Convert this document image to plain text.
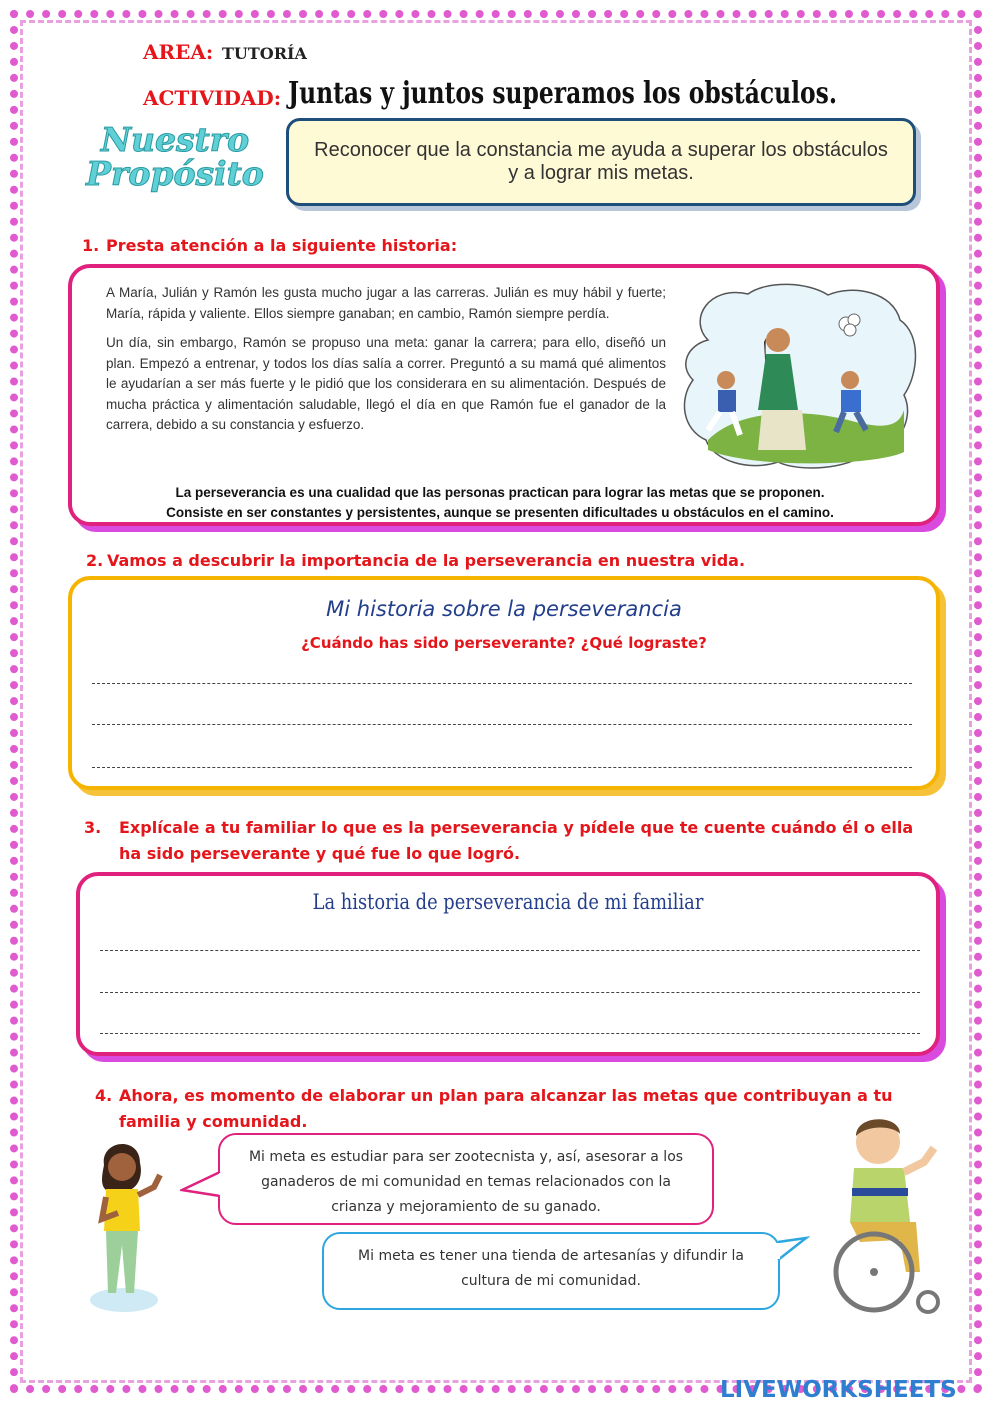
AREA: TUTORÍA
ACTIVIDAD: Juntas y juntos superamos los obstáculos.
Nuestro
Propósito
Reconocer que la constancia me ayuda a superar los obstáculos y a lograr mis metas.
1. Presta atención a la siguiente historia:

A María, Julián y Ramón les gusta mucho jugar a las carreras. Julián es muy hábil y fuerte; María, rápida y valiente. Ellos siempre ganaban; en cambio, Ramón siempre perdía.

Un día, sin embargo, Ramón se propuso una meta: ganar la carrera; para ello, diseñó un plan. Empezó a entrenar, y todos los días salía a correr. Preguntó a su mamá qué alimentos le ayudarían a ser más fuerte y le pidió que los considerara en su alimentación. Después de mucha práctica y alimentación saludable, llegó el día en que Ramón fue el ganador de la carrera, debido a su constancia y esfuerzo.

La perseverancia es una cualidad que las personas practican para lograr las metas que se proponen.
Consiste en ser constantes y persistentes, aunque se presenten dificultades u obstáculos en el camino.
2. Vamos a descubrir la importancia de la perseverancia en nuestra vida.
Mi historia sobre la perseverancia
¿Cuándo has sido perseverante? ¿Qué lograste?
3. Explícale a tu familiar lo que es la perseverancia y pídele que te cuente cuándo él o ella
ha sido perseverante y qué fue lo que logró.
La historia de perseverancia de mi familiar
4. Ahora, es momento de elaborar un plan para alcanzar las metas que contribuyan a tu
familia y comunidad.
Mi meta es estudiar para ser zootecnista y, así, asesorar a los ganaderos de mi comunidad en temas relacionados con la crianza y mejoramiento de su ganado.
Mi meta es tener una tienda de artesanías y difundir la cultura de mi comunidad.
LIVEWORKSHEETS
